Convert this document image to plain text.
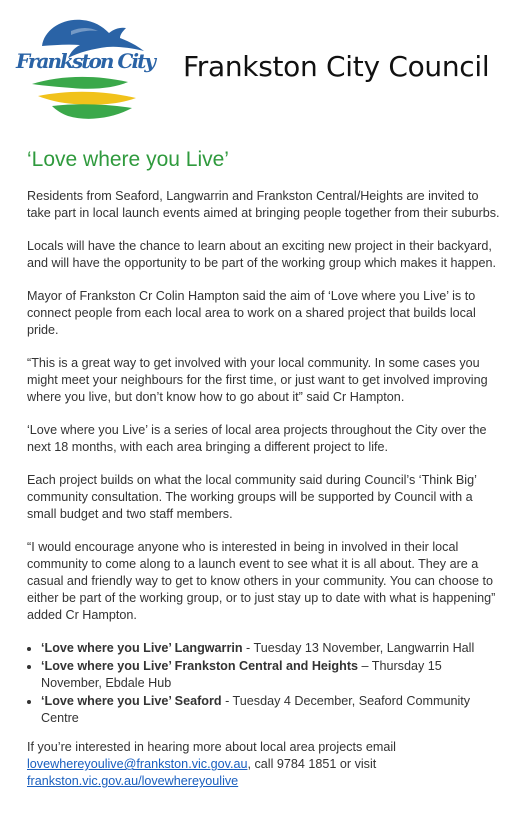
Frankston City Frankston City Council
‘Love where you Live’

Residents from Seaford, Langwarrin and Frankston Central/Heights are invited to take part in local launch events aimed at bringing people together from their suburbs.

Locals will have the chance to learn about an exciting new project in their backyard, and will have the opportunity to be part of the working group which makes it happen.

Mayor of Frankston Cr Colin Hampton said the aim of ‘Love where you Live’ is to connect people from each local area to work on a shared project that builds local pride.

“This is a great way to get involved with your local community. In some cases you might meet your neighbours for the first time, or just want to get involved improving where you live, but don’t know how to go about it” said Cr Hampton.

‘Love where you Live’ is a series of local area projects throughout the City over the next 18 months, with each area bringing a different project to life.

Each project builds on what the local community said during Council’s ‘Think Big’ community consultation. The working groups will be supported by Council with a small budget and two staff members.

“I would encourage anyone who is interested in being in involved in their local community to come along to a launch event to see what it is all about. They are a casual and friendly way to get to know others in your community. You can choose to either be part of the working group, or to just stay up to date with what is happening” added Cr Hampton.

• ‘Love where you Live’ Langwarrin - Tuesday 13 November, Langwarrin Hall
• ‘Love where you Live’ Frankston Central and Heights – Thursday 15 November, Ebdale Hub
• ‘Love where you Live’ Seaford - Tuesday 4 December, Seaford Community Centre

If you’re interested in hearing more about local area projects email lovewhereyoulive@frankston.vic.gov.au, call 9784 1851 or visit
frankston.vic.gov.au/lovewhereyoulive
